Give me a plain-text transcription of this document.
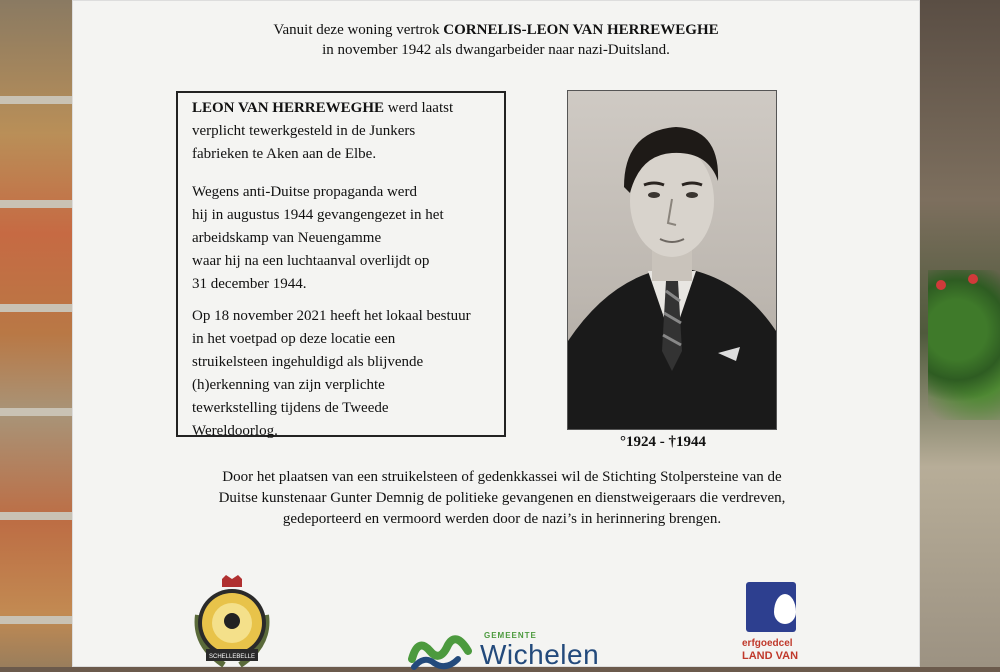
Vanuit deze woning vertrok CORNELIS-LEON VAN HERREWEGHE
in november 1942 als dwangarbeider naar nazi-Duitsland.

LEON VAN HERREWEGHE werd laatst
verplicht tewerkgesteld in de Junkers
fabrieken te Aken aan de Elbe.

Wegens anti-Duitse propaganda werd
hij in augustus 1944 gevangengezet in het
arbeidskamp van Neuengamme
waar hij na een luchtaanval overlijdt op
31 december 1944.

Op 18 november 2021 heeft het lokaal bestuur
in het voetpad op deze locatie een
struikelsteen ingehuldigd als blijvende
(h)erkenning van zijn verplichte
tewerkstelling tijdens de Tweede
Wereldoorlog.

°1924 - †1944
Door het plaatsen van een struikelsteen of gedenkkassei wil de Stichting Stolpersteine van de
Duitse kunstenaar Gunter Demnig de politieke gevangenen en dienstweigeraars die verdreven,
gedeporteerd en vermoord werden door de nazi’s in herinnering brengen.
SCHELLEBELLE
GEMEENTE
Wichelen	erfgoedcel
LAND VAN
